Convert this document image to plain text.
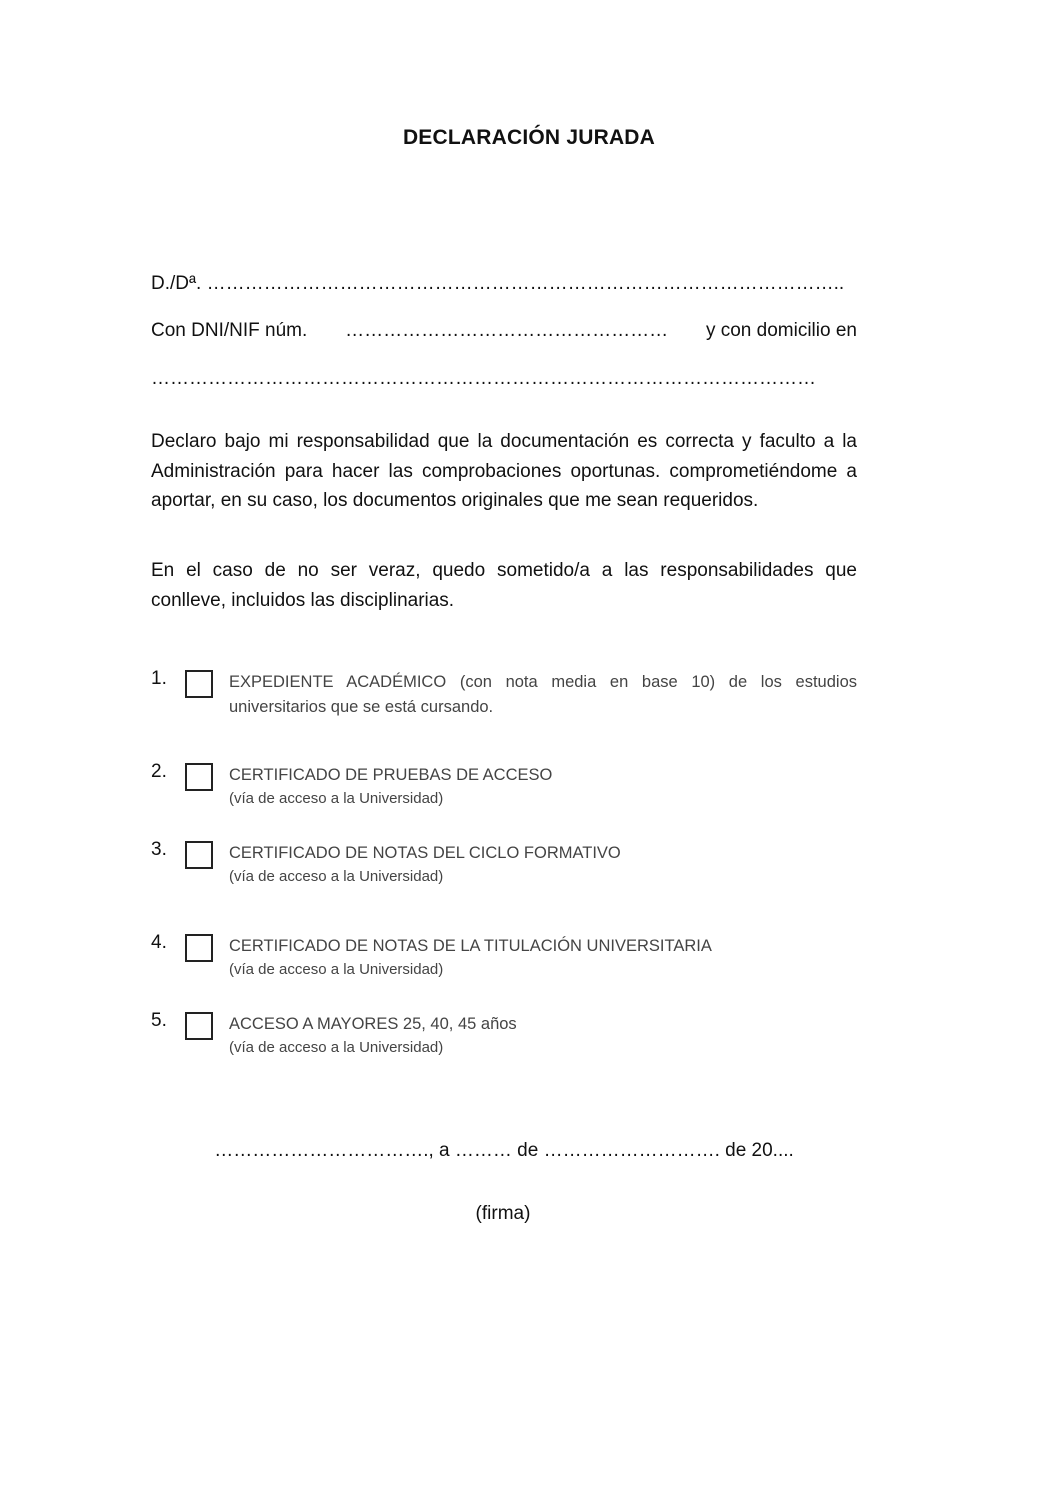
DECLARACIÓN JURADA
D./Dª. ………………………………………………………………………………………..
Con DNI/NIF núm. …………………………………………… y con domicilio en
……………………………………………………………………………………………
Declaro bajo mi responsabilidad que la documentación es correcta y faculto a la Administración para hacer las comprobaciones oportunas. comprometiéndome a aportar, en su caso, los documentos originales que me sean requeridos.
En el caso de no ser veraz, quedo sometido/a a las responsabilidades que conlleve, incluidos las disciplinarias.
1.	EXPEDIENTE ACADÉMICO (con nota media en base 10) de los estudios universitarios que se está cursando.
2.	CERTIFICADO DE PRUEBAS DE ACCESO
(vía de acceso a la Universidad)
3.	CERTIFICADO DE NOTAS DEL CICLO FORMATIVO
(vía de acceso a la Universidad)
4.	CERTIFICADO DE NOTAS DE LA TITULACIÓN UNIVERSITARIA
(vía de acceso a la Universidad)
5.	ACCESO A MAYORES 25, 40, 45 años
(vía de acceso a la Universidad)
……………………………., a ……… de ………………………. de 20....
(firma)
